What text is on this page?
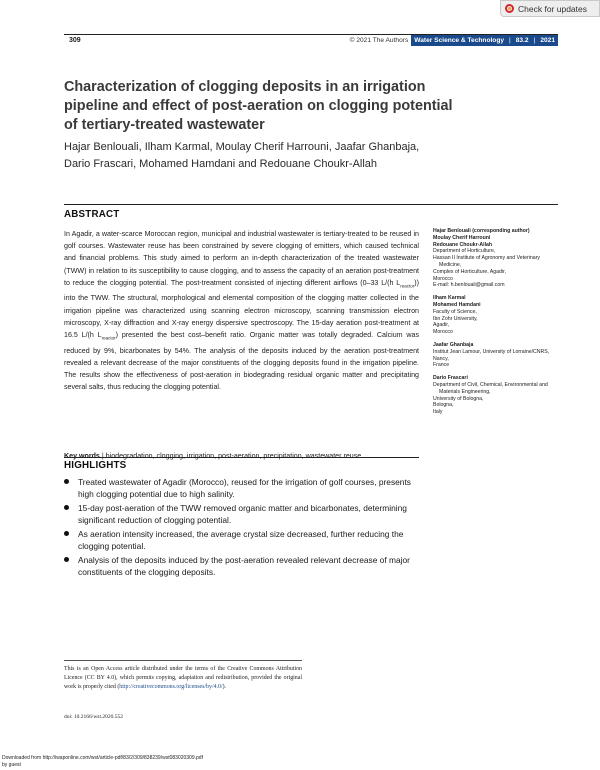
Check for updates
309	© 2021 The Authors Water Science & Technology | 83.2 | 2021
Characterization of clogging deposits in an irrigation pipeline and effect of post-aeration on clogging potential of tertiary-treated wastewater
Hajar Benlouali, Ilham Karmal, Moulay Cherif Harrouni, Jaafar Ghanbaja, Dario Frascari, Mohamed Hamdani and Redouane Choukr-Allah
ABSTRACT

In Agadir, a water-scarce Moroccan region, municipal and industrial wastewater is tertiary-treated to be reused in golf courses. Wastewater reuse has been constrained by severe clogging of emitters, which caused technical and financial problems. This study aimed to perform an in-depth characterization of the treated wastewater (TWW) in relation to its susceptibility to cause clogging, and to assess the capacity of an aeration post-treatment to reduce the clogging potential. The post-treatment consisted of injecting different airflows (0–33 L/(h $L_{reactor}$)) into the TWW. The structural, morphological and elemental composition of the clogging matter collected in the irrigation pipeline was characterized using scanning electron microscopy, scanning transmission electron microscopy, X-ray diffraction and X-ray energy dispersive spectroscopy. The 15-day aeration post-treatment at 16.5 L/(h $L_{reactor}$) presented the best cost–benefit ratio. Organic matter was totally degraded. Calcium was reduced by 9%, bicarbonates by 54%. The analysis of the deposits induced by the aeration post-treatment revealed a relevant decrease of the major constituents of the clogging deposits found in the irrigation pipeline. The results show the effectiveness of post-aeration in biodegrading residual organic matter and precipitating several salts, thus reducing the clogging potential.

Key words | biodegradation, clogging, irrigation, post-aeration, precipitation, wastewater reuse
Hajar Benlouali (corresponding author)
Moulay Cherif Harrouni
Redouane Choukr-Allah
Department of Horticulture,
Hassan II Institute of Agronomy and Veterinary
Medicine,
Complex of Horticulture, Agadir,
Morocco
E-mail: h.benlouali@gmail.com
Ilham Karmal
Mohamed Hamdani
Faculty of Science,
Ibn Zohr University,
Agadir,
Morocco
Jaafar Ghanbaja
Institut Jean Lamour, University of Lorraine/CNRS,
Nancy,
France
Dario Frascari
Department of Civil, Chemical, Environmental and
Materials Engineering,
University of Bologna,
Bologna,
Italy
HIGHLIGHTS
Treated wastewater of Agadir (Morocco), reused for the irrigation of golf courses, presents high clogging potential due to high salinity.
15-day post-aeration of the TWW removed organic matter and bicarbonates, determining significant reduction of clogging potential.
As aeration intensity increased, the average crystal size decreased, further reducing the clogging potential.
Analysis of the deposits induced by the post-aeration revealed relevant decrease of major constituents of the clogging deposits.
This is an Open Access article distributed under the terms of the Creative Commons Attribution Licence (CC BY 4.0), which permits copying, adaptation and redistribution, provided the original work is properly cited (http://creativecommons.org/licenses/by/4.0/).
doi: 10.2166/wst.2020.552
Downloaded from http://iwaponline.com/wst/article-pdf/83/2/309/838239/wst083020309.pdf
by guest
